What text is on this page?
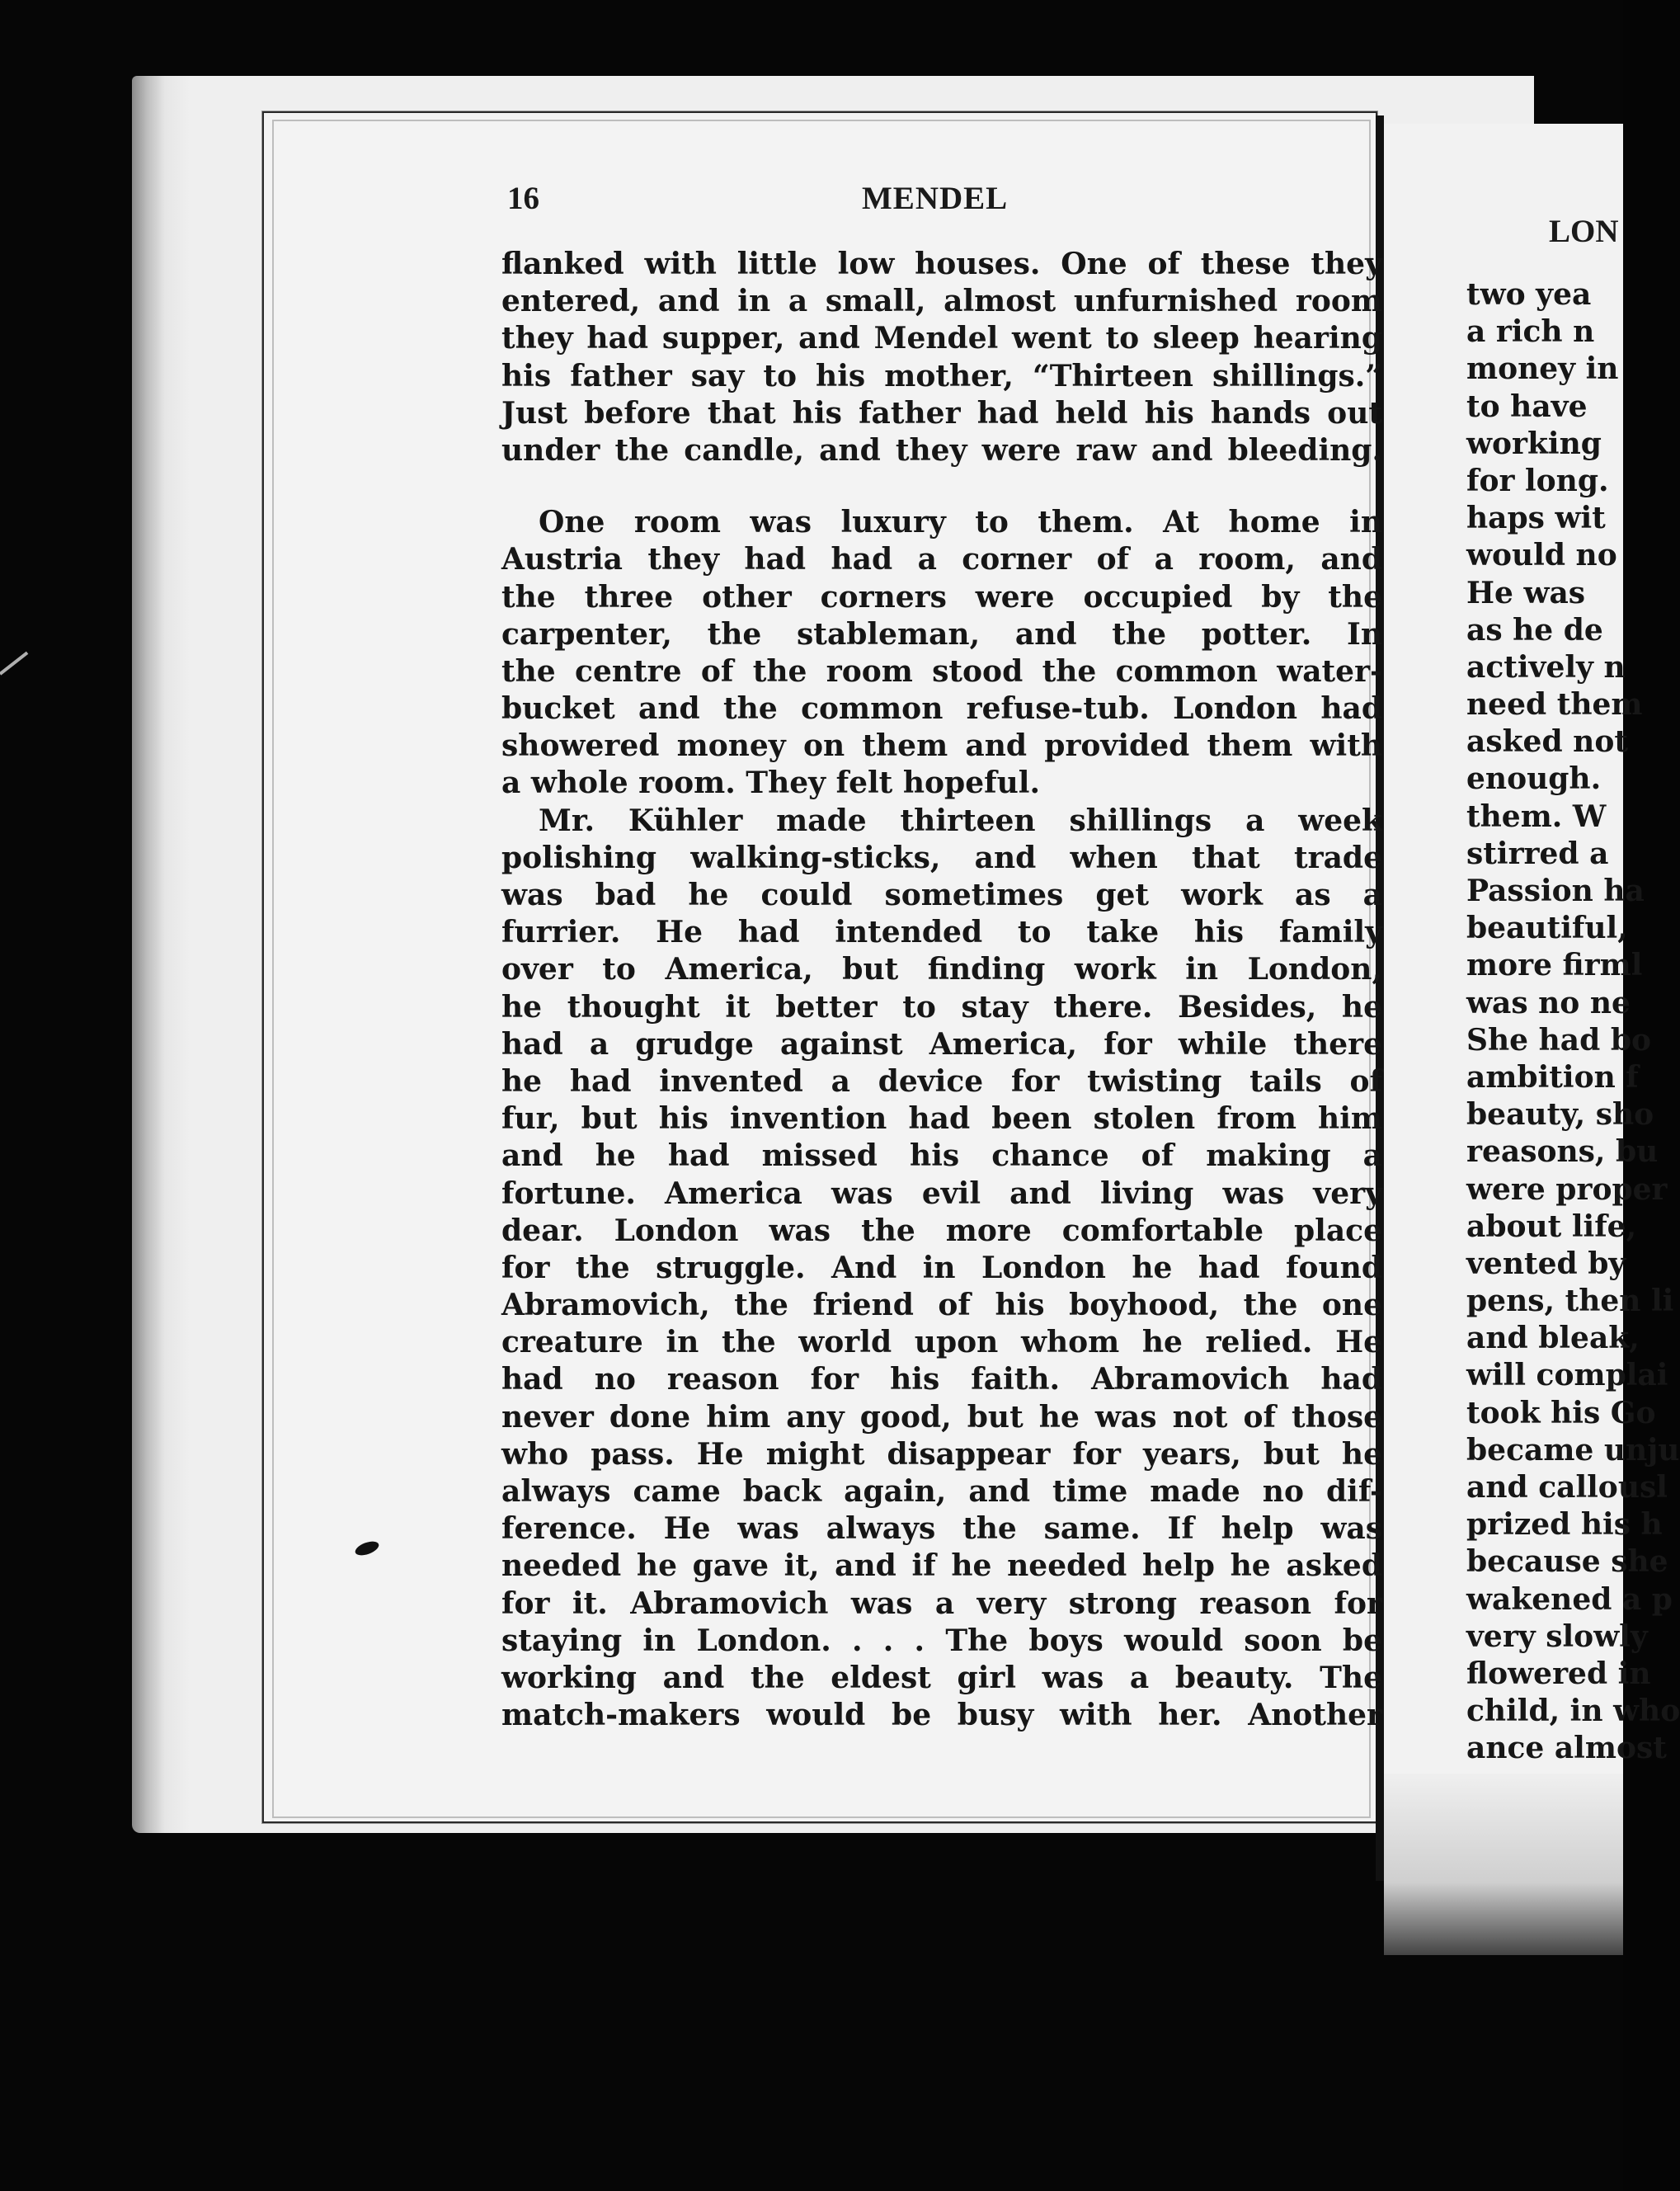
16	MENDEL
flanked with little low houses. One of these they
entered, and in a small, almost unfurnished room
they had supper, and Mendel went to sleep hearing
his father say to his mother, “Thirteen shillings.”
Just before that his father had held his hands out
under the candle, and they were raw and bleeding.
One room was luxury to them. At home in
Austria they had had a corner of a room, and
the three other corners were occupied by the
carpenter, the stableman, and the potter. In
the centre of the room stood the common water-
bucket and the common refuse-tub. London had
showered money on them and provided them with
a whole room. They felt hopeful.
Mr. Kühler made thirteen shillings a week
polishing walking-sticks, and when that trade
was bad he could sometimes get work as a
furrier. He had intended to take his family
over to America, but finding work in London,
he thought it better to stay there. Besides, he
had a grudge against America, for while there
he had invented a device for twisting tails of
fur, but his invention had been stolen from him
and he had missed his chance of making a
fortune. America was evil and living was very
dear. London was the more comfortable place
for the struggle. And in London he had found
Abramovich, the friend of his boyhood, the one
creature in the world upon whom he relied. He
had no reason for his faith. Abramovich had
never done him any good, but he was not of those
who pass. He might disappear for years, but he
always came back again, and time made no dif-
ference. He was always the same. If help was
needed he gave it, and if he needed help he asked
for it. Abramovich was a very strong reason for
staying in London. . . . The boys would soon be
working and the eldest girl was a beauty. The
match-makers would be busy with her. Another
LON
two yea
a rich n
money in
to have
working
for long.
haps wit
would no
He was
as he de
actively n
need them
asked not
enough.
them. W
stirred a
Passion ha
beautiful,
more firml
was no ne
She had bo
ambition f
beauty, sho
reasons, bu
were proper
about life,
vented by
pens, then li
and bleak,
will complai
took his Go
became unju
and callousl
prized his h
because she
wakened a p
very slowly
flowered in
child, in who
ance almost
